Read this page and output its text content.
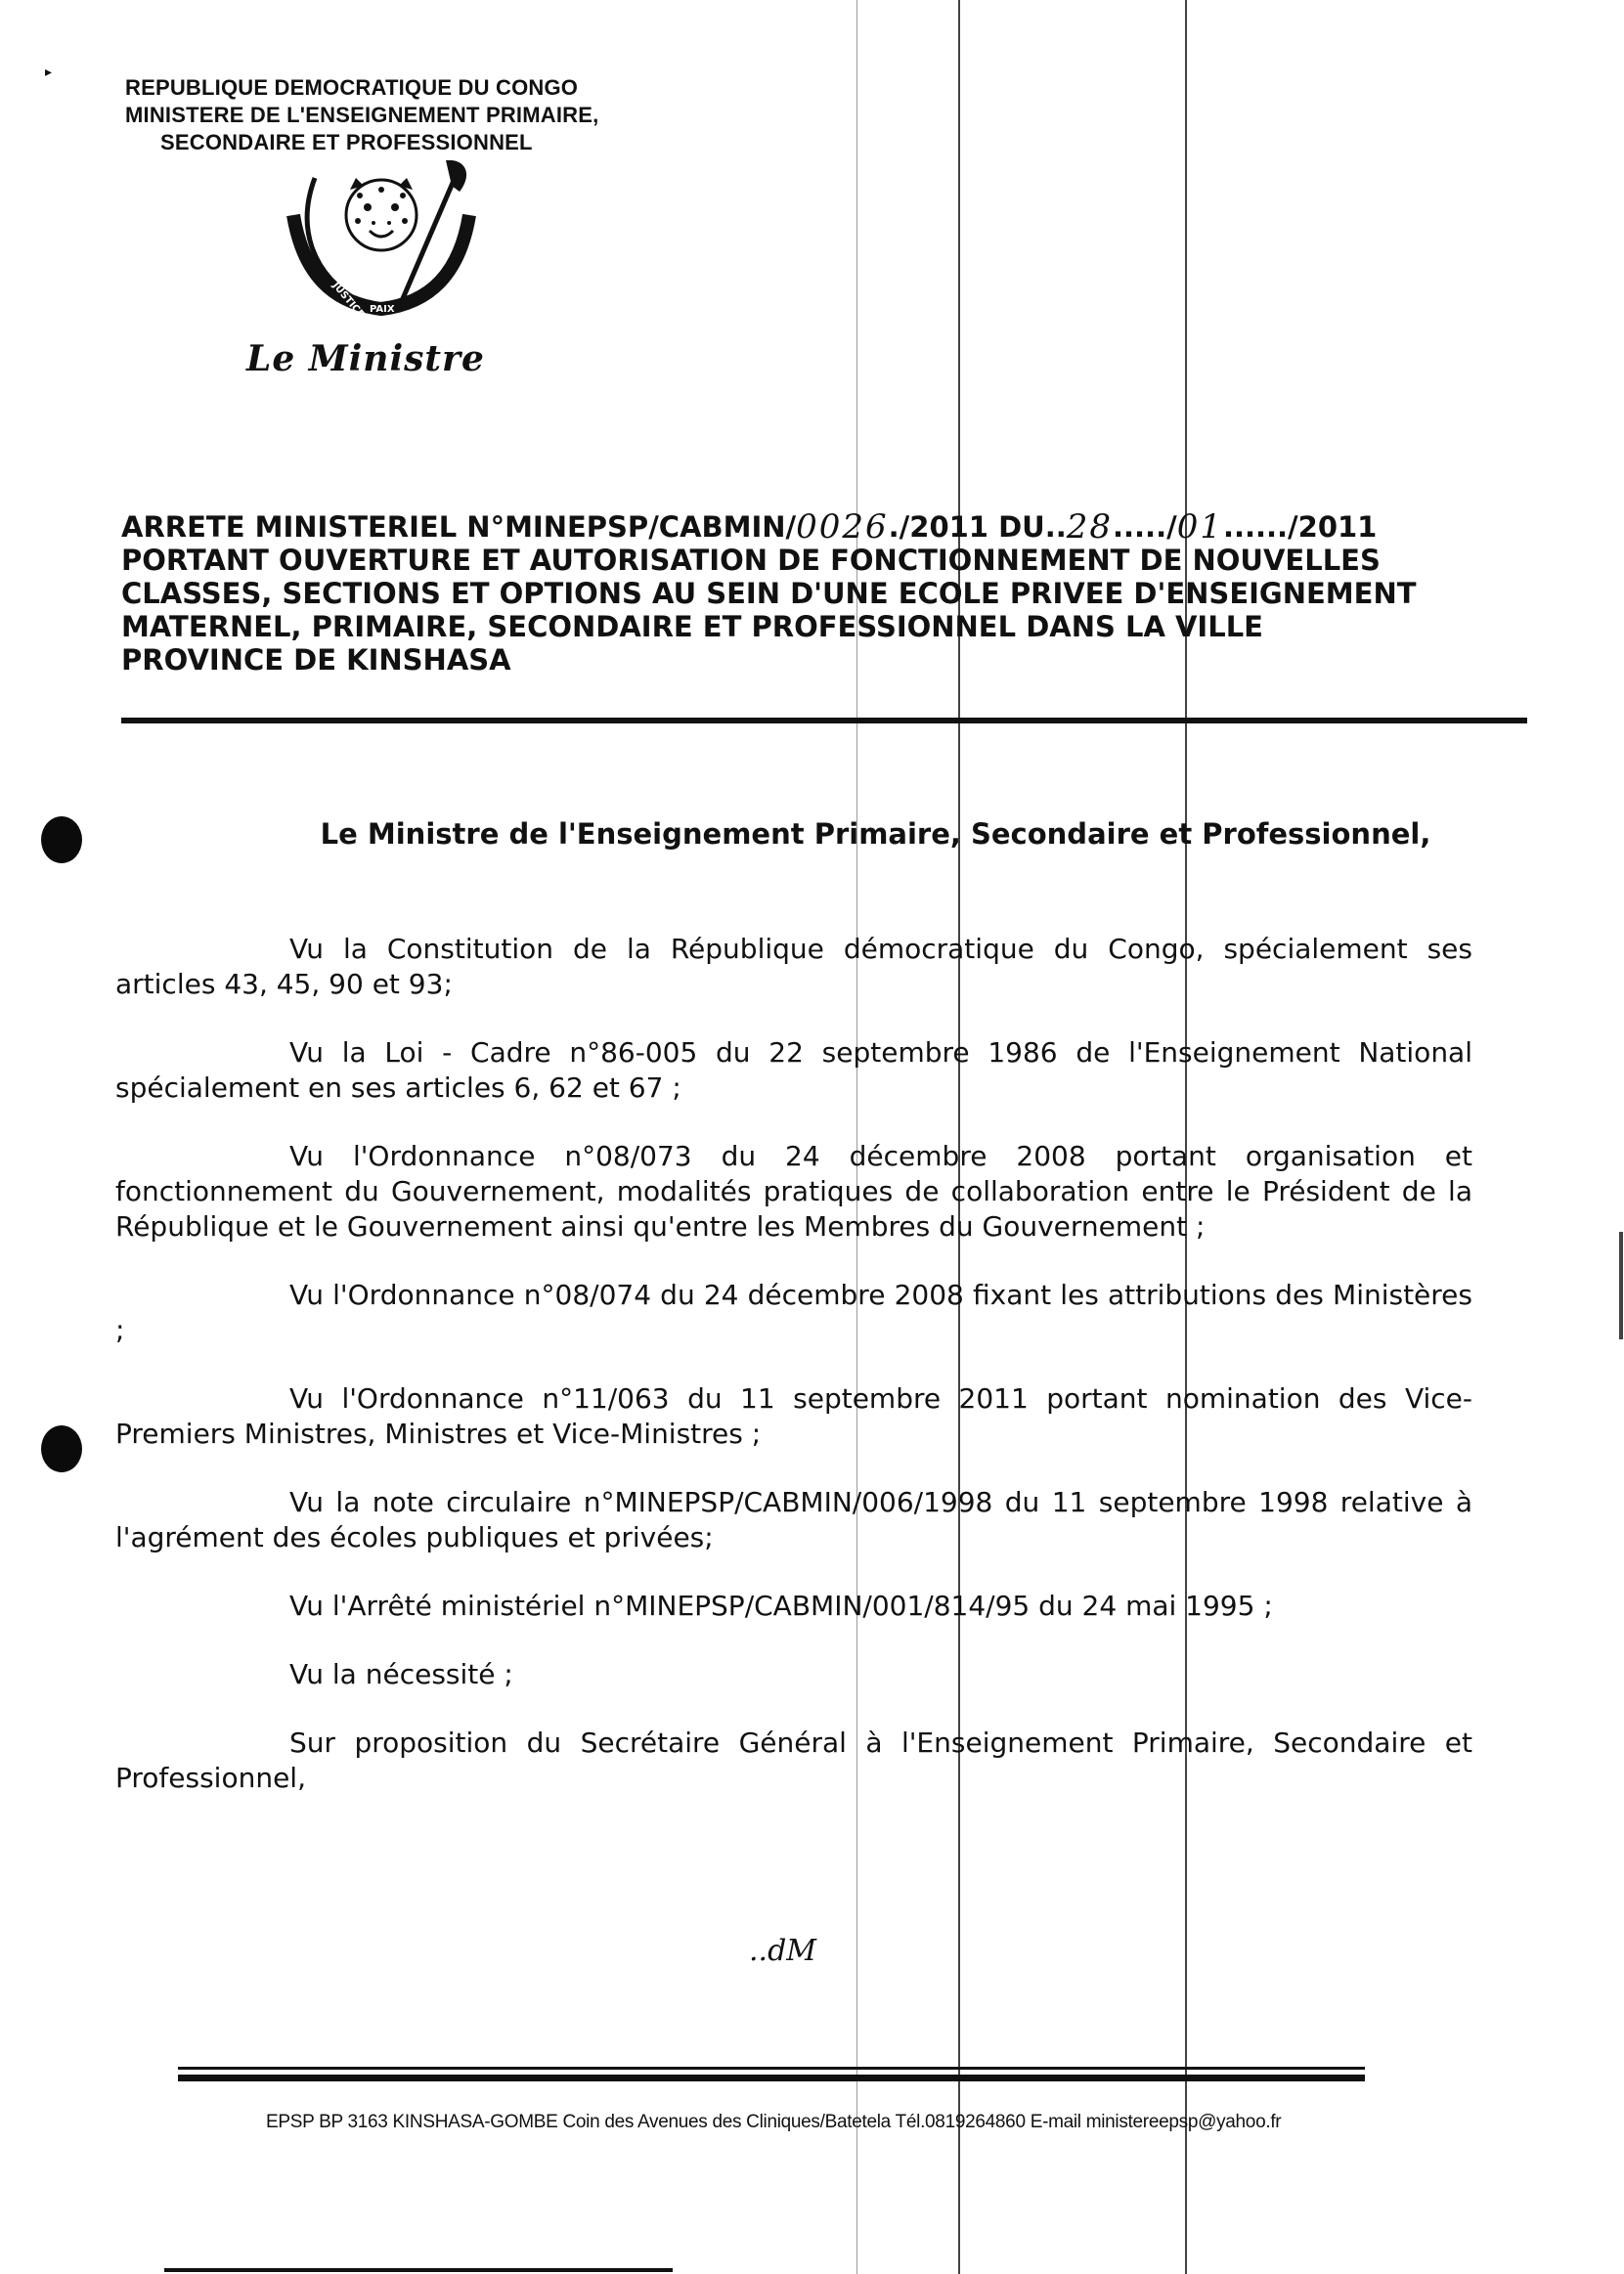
▸
REPUBLIQUE DEMOCRATIQUE DU CONGO
MINISTERE DE L'ENSEIGNEMENT PRIMAIRE,
SECONDAIRE ET PROFESSIONNEL
JUSTICE PAIX
TRAVAIL
Le Ministre
ARRETE MINISTERIEL N°MINEPSP/CABMIN/ 0026 ./2011 DU.. 28 ...../ 01 ....../2011
PORTANT OUVERTURE ET AUTORISATION DE FONCTIONNEMENT DE NOUVELLES
CLASSES, SECTIONS ET OPTIONS AU SEIN D'UNE ECOLE PRIVEE D'ENSEIGNEMENT
MATERNEL, PRIMAIRE, SECONDAIRE ET PROFESSIONNEL DANS LA VILLE
PROVINCE DE KINSHASA
Le Ministre de l'Enseignement Primaire, Secondaire et Professionnel,

Vu la Constitution de la République démocratique du Congo, spécialement ses articles 43, 45, 90 et 93;

Vu la Loi - Cadre n°86-005 du 22 septembre 1986 de l'Enseignement National spécialement en ses articles 6, 62 et 67 ;

Vu l'Ordonnance n°08/073 du 24 décembre 2008 portant organisation et fonctionnement du Gouvernement, modalités pratiques de collaboration entre le Président de la République et le Gouvernement ainsi qu'entre les Membres du Gouvernement ;

Vu l'Ordonnance n°08/074 du 24 décembre 2008 fixant les attributions des Ministères ;

Vu l'Ordonnance n°11/063 du 11 septembre 2011 portant nomination des Vice-Premiers Ministres, Ministres et Vice-Ministres ;

Vu la note circulaire n°MINEPSP/CABMIN/006/1998 du 11 septembre 1998 relative à l'agrément des écoles publiques et privées;

Vu l'Arrêté ministériel n°MINEPSP/CABMIN/001/814/95 du 24 mai 1995 ;

Vu la nécessité ;

Sur proposition du Secrétaire Général à l'Enseignement Primaire, Secondaire et Professionnel,

..dM
EPSP BP 3163 KINSHASA-GOMBE Coin des Avenues des Cliniques/Batetela Tél.0819264860 E-mail ministereepsp@yahoo.fr
